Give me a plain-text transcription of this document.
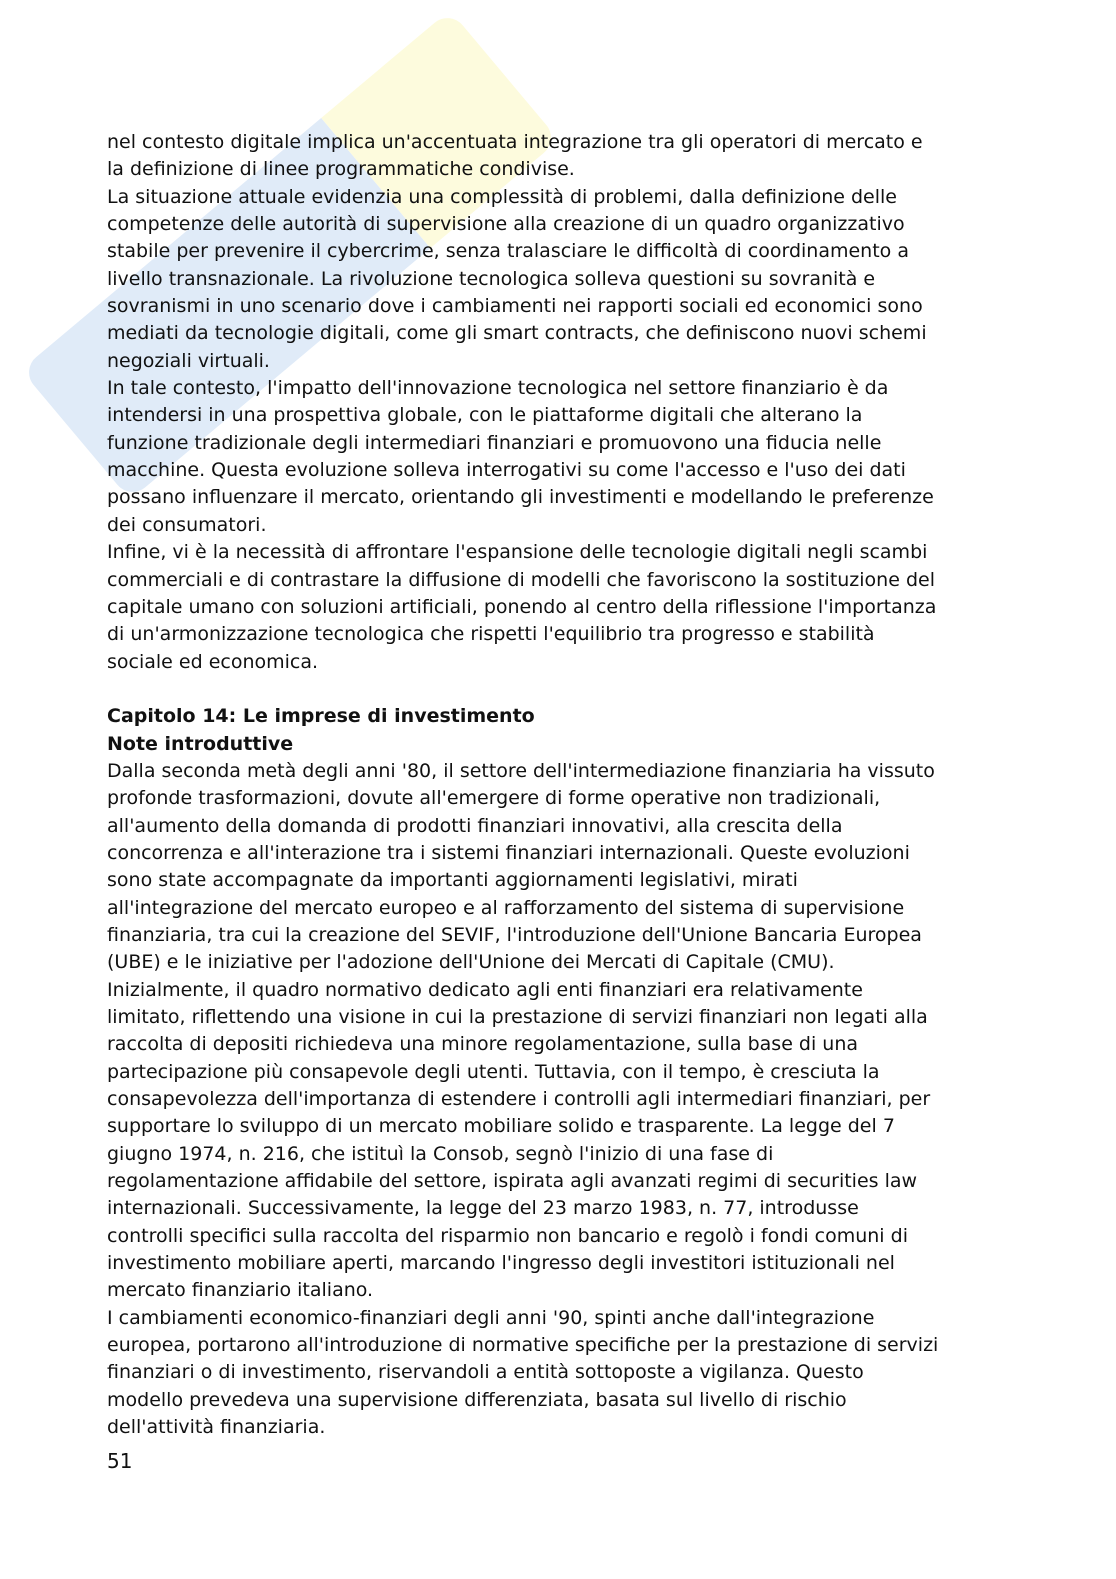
nel contesto digitale implica un'accentuata integrazione tra gli operatori di mercato e
la definizione di linee programmatiche condivise.
La situazione attuale evidenzia una complessità di problemi, dalla definizione delle
competenze delle autorità di supervisione alla creazione di un quadro organizzativo
stabile per prevenire il cybercrime, senza tralasciare le difficoltà di coordinamento a
livello transnazionale. La rivoluzione tecnologica solleva questioni su sovranità e
sovranismi in uno scenario dove i cambiamenti nei rapporti sociali ed economici sono
mediati da tecnologie digitali, come gli smart contracts, che definiscono nuovi schemi
negoziali virtuali.
In tale contesto, l'impatto dell'innovazione tecnologica nel settore finanziario è da
intendersi in una prospettiva globale, con le piattaforme digitali che alterano la
funzione tradizionale degli intermediari finanziari e promuovono una fiducia nelle
macchine. Questa evoluzione solleva interrogativi su come l'accesso e l'uso dei dati
possano influenzare il mercato, orientando gli investimenti e modellando le preferenze
dei consumatori.
Infine, vi è la necessità di affrontare l'espansione delle tecnologie digitali negli scambi
commerciali e di contrastare la diffusione di modelli che favoriscono la sostituzione del
capitale umano con soluzioni artificiali, ponendo al centro della riflessione l'importanza
di un'armonizzazione tecnologica che rispetti l'equilibrio tra progresso e stabilità
sociale ed economica.
Capitolo 14: Le imprese di investimento
Note introduttive
Dalla seconda metà degli anni '80, il settore dell'intermediazione finanziaria ha vissuto
profonde trasformazioni, dovute all'emergere di forme operative non tradizionali,
all'aumento della domanda di prodotti finanziari innovativi, alla crescita della
concorrenza e all'interazione tra i sistemi finanziari internazionali. Queste evoluzioni
sono state accompagnate da importanti aggiornamenti legislativi, mirati
all'integrazione del mercato europeo e al rafforzamento del sistema di supervisione
finanziaria, tra cui la creazione del SEVIF, l'introduzione dell'Unione Bancaria Europea
(UBE) e le iniziative per l'adozione dell'Unione dei Mercati di Capitale (CMU).
Inizialmente, il quadro normativo dedicato agli enti finanziari era relativamente
limitato, riflettendo una visione in cui la prestazione di servizi finanziari non legati alla
raccolta di depositi richiedeva una minore regolamentazione, sulla base di una
partecipazione più consapevole degli utenti. Tuttavia, con il tempo, è cresciuta la
consapevolezza dell'importanza di estendere i controlli agli intermediari finanziari, per
supportare lo sviluppo di un mercato mobiliare solido e trasparente. La legge del 7
giugno 1974, n. 216, che istituì la Consob, segnò l'inizio di una fase di
regolamentazione affidabile del settore, ispirata agli avanzati regimi di securities law
internazionali. Successivamente, la legge del 23 marzo 1983, n. 77, introdusse
controlli specifici sulla raccolta del risparmio non bancario e regolò i fondi comuni di
investimento mobiliare aperti, marcando l'ingresso degli investitori istituzionali nel
mercato finanziario italiano.
I cambiamenti economico-finanziari degli anni '90, spinti anche dall'integrazione
europea, portarono all'introduzione di normative specifiche per la prestazione di servizi
finanziari o di investimento, riservandoli a entità sottoposte a vigilanza. Questo
modello prevedeva una supervisione differenziata, basata sul livello di rischio
dell'attività finanziaria.
51
